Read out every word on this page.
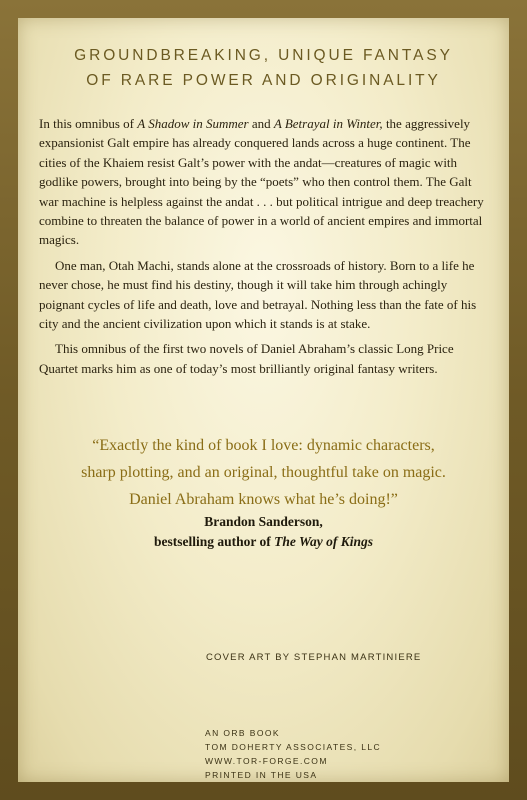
GROUNDBREAKING, UNIQUE FANTASY
OF RARE POWER AND ORIGINALITY

In this omnibus of A Shadow in Summer and A Betrayal in Winter, the aggressively expansionist Galt empire has already conquered lands across a huge continent. The cities of the Khaiem resist Galt’s power with the andat—creatures of magic with godlike powers, brought into being by the “poets” who then control them. The Galt war machine is helpless against the andat . . . but political intrigue and deep treachery combine to threaten the balance of power in a world of ancient empires and immortal magics.

One man, Otah Machi, stands alone at the crossroads of history. Born to a life he never chose, he must find his destiny, though it will take him through achingly poignant cycles of life and death, love and betrayal. Nothing less than the fate of his city and the ancient civilization upon which it stands is at stake.

This omnibus of the first two novels of Daniel Abraham’s classic Long Price Quartet marks him as one of today’s most brilliantly original fantasy writers.

“Exactly the kind of book I love: dynamic characters,
sharp plotting, and an original, thoughtful take on magic.
Daniel Abraham knows what he’s doing!”
Brandon Sanderson,
bestselling author of The Way of Kings
COVER ART BY STEPHAN MARTINIERE
AN ORB BOOK
TOM DOHERTY ASSOCIATES, LLC
WWW.TOR-FORGE.COM
PRINTED IN THE USA
